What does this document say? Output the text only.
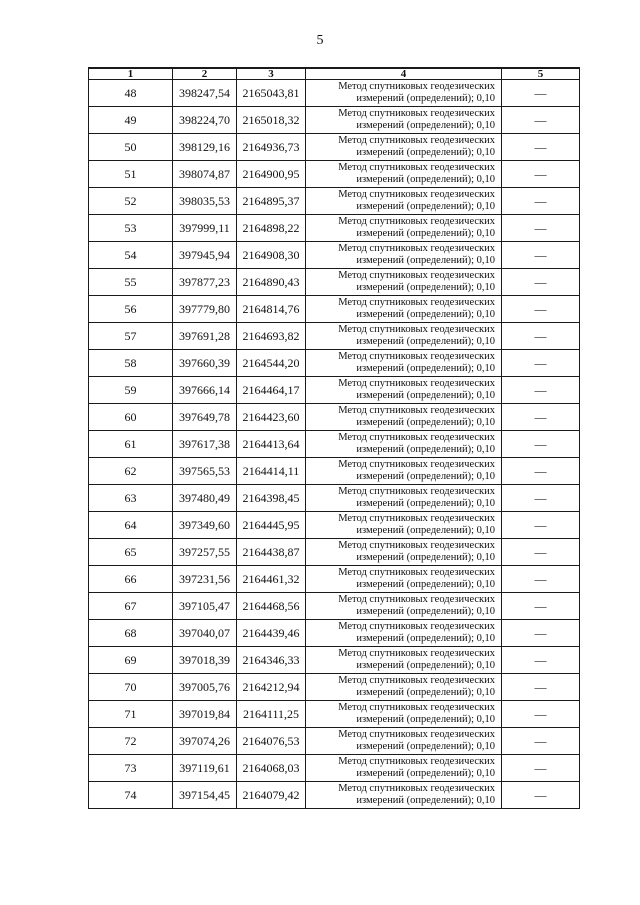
5
1	2	3	4	5
48	398247,54	2165043,81	Метод спутниковых геодезических
измерений (определений); 0,10	—
49	398224,70	2165018,32	Метод спутниковых геодезических
измерений (определений); 0,10	—
50	398129,16	2164936,73	Метод спутниковых геодезических
измерений (определений); 0,10	—
51	398074,87	2164900,95	Метод спутниковых геодезических
измерений (определений); 0,10	—
52	398035,53	2164895,37	Метод спутниковых геодезических
измерений (определений); 0,10	—
53	397999,11	2164898,22	Метод спутниковых геодезических
измерений (определений); 0,10	—
54	397945,94	2164908,30	Метод спутниковых геодезических
измерений (определений); 0,10	—
55	397877,23	2164890,43	Метод спутниковых геодезических
измерений (определений); 0,10	—
56	397779,80	2164814,76	Метод спутниковых геодезических
измерений (определений); 0,10	—
57	397691,28	2164693,82	Метод спутниковых геодезических
измерений (определений); 0,10	—
58	397660,39	2164544,20	Метод спутниковых геодезических
измерений (определений); 0,10	—
59	397666,14	2164464,17	Метод спутниковых геодезических
измерений (определений); 0,10	—
60	397649,78	2164423,60	Метод спутниковых геодезических
измерений (определений); 0,10	—
61	397617,38	2164413,64	Метод спутниковых геодезических
измерений (определений); 0,10	—
62	397565,53	2164414,11	Метод спутниковых геодезических
измерений (определений); 0,10	—
63	397480,49	2164398,45	Метод спутниковых геодезических
измерений (определений); 0,10	—
64	397349,60	2164445,95	Метод спутниковых геодезических
измерений (определений); 0,10	—
65	397257,55	2164438,87	Метод спутниковых геодезических
измерений (определений); 0,10	—
66	397231,56	2164461,32	Метод спутниковых геодезических
измерений (определений); 0,10	—
67	397105,47	2164468,56	Метод спутниковых геодезических
измерений (определений); 0,10	—
68	397040,07	2164439,46	Метод спутниковых геодезических
измерений (определений); 0,10	—
69	397018,39	2164346,33	Метод спутниковых геодезических
измерений (определений); 0,10	—
70	397005,76	2164212,94	Метод спутниковых геодезических
измерений (определений); 0,10	—
71	397019,84	2164111,25	Метод спутниковых геодезических
измерений (определений); 0,10	—
72	397074,26	2164076,53	Метод спутниковых геодезических
измерений (определений); 0,10	—
73	397119,61	2164068,03	Метод спутниковых геодезических
измерений (определений); 0,10	—
74	397154,45	2164079,42	Метод спутниковых геодезических
измерений (определений); 0,10	—
